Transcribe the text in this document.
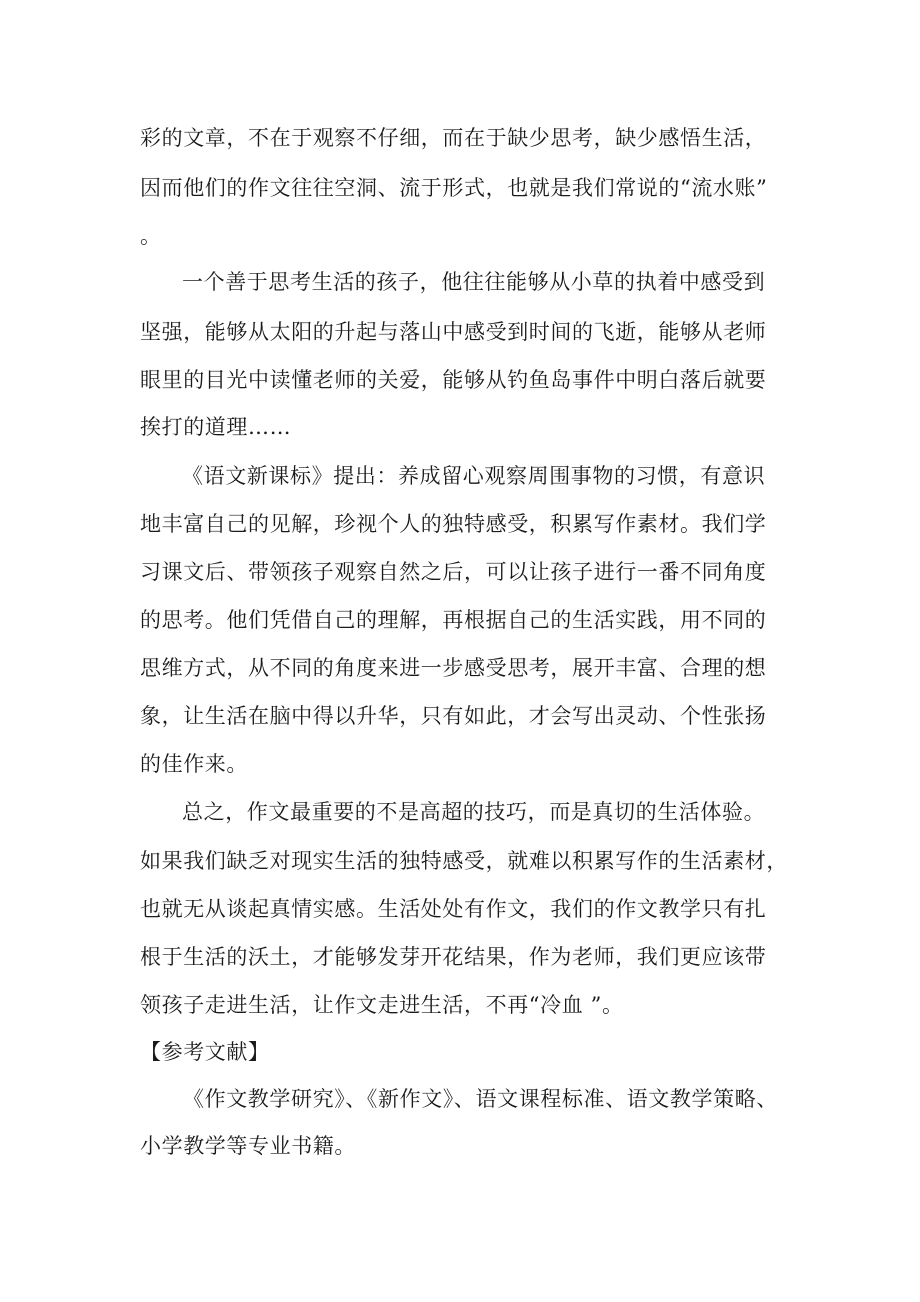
彩的文章，不在于观察不仔细，而在于缺少思考，缺少感悟生活，
因而他们的作文往往空洞、流于形式，也就是我们常说的“流水账”
。
一个善于思考生活的孩子，他往往能够从小草的执着中感受到
坚强，能够从太阳的升起与落山中感受到时间的飞逝，能够从老师
眼里的目光中读懂老师的关爱，能够从钓鱼岛事件中明白落后就要
挨打的道理……
《语文新课标》提出：养成留心观察周围事物的习惯，有意识
地丰富自己的见解，珍视个人的独特感受，积累写作素材。我们学
习课文后、带领孩子观察自然之后，可以让孩子进行一番不同角度
的思考。他们凭借自己的理解，再根据自己的生活实践，用不同的
思维方式，从不同的角度来进一步感受思考，展开丰富、合理的想
象，让生活在脑中得以升华，只有如此，才会写出灵动、个性张扬
的佳作来。
总之，作文最重要的不是高超的技巧，而是真切的生活体验。
如果我们缺乏对现实生活的独特感受，就难以积累写作的生活素材，
也就无从谈起真情实感。生活处处有作文，我们的作文教学只有扎
根于生活的沃土，才能够发芽开花结果，作为老师，我们更应该带
领孩子走进生活，让作文走进生活，不再“冷血 ”。
【参考文献】
《作文教学研究》、《新作文》、语文课程标准、语文教学策略、
小学教学等专业书籍。
